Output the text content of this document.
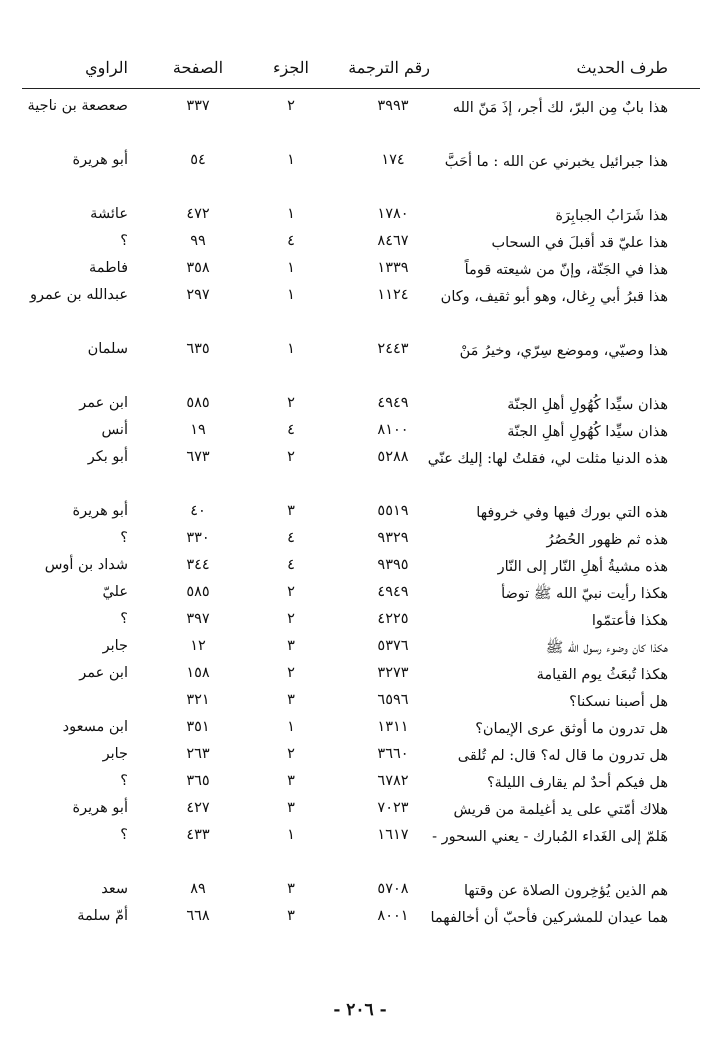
طرف الحديث
رقم الترجمة
الجزء
الصفحة
الراوي
هذا بابٌ مِن البرّ، لك أجر، إذَ مَنّ الله
٣٩٩٣
٢
٣٣٧
صعصعة بن ناجية
هذا جبرائيل يخبرني عن الله : ما أحَبَّ
١٧٤
١
٥٤
أبو هريرة
هذا شَرَابُ الجبابِرَة
١٧٨٠
١
٤٧٢
عائشة
هذا عليّ قد أقبلَ في السحاب
٨٤٦٧
٤
٩٩
؟
هذا في الجَنّة، وإنّ من شيعته قوماً
١٣٣٩
١
٣٥٨
فاطمة
هذا قبرُ أبي رِغال، وهو أبو ثقيف، وكان
١١٢٤
١
٢٩٧
عبدالله بن عمرو
هذا وصيّي، وموضع سِرّي، وخيرُ مَنْ
٢٤٤٣
١
٦٣٥
سلمان
هذان سيِّدا كُهُولِ أهلِ الجنّة
٤٩٤٩
٢
٥٨٥
ابن عمر
هذان سيِّدا كُهُولِ أهلِ الجنّة
٨١٠٠
٤
١٩
أنس
هذه الدنيا مثلت لي، فقلتُ لها: إليك عنّي
٥٢٨٨
٢
٦٧٣
أبو بكر
هذه التي بورك فيها وفي خروفها
٥٥١٩
٣
٤٠
أبو هريرة
هذه ثم ظهور الحُصُرُ
٩٣٢٩
٤
٣٣٠
؟
هذه مشيةُ أهلِ النّار إلى النّار
٩٣٩٥
٤
٣٤٤
شداد بن أوس
هكذا رأيت نبيّ الله ﷺ توضأ
٤٩٤٩
٢
٥٨٥
عليّ
هكذا فأعتمّوا
٤٢٢٥
٢
٣٩٧
؟
هكذا كان وضوء رسول الله ﷺ
٥٣٧٦
٣
١٢
جابر
هكذا تُبعَثُ يوم القيامة
٣٢٧٣
٢
١٥٨
ابن عمر
هل أصبنا نسكنا؟
٦٥٩٦
٣
٣٢١
هل تدرون ما أوثق عرى الإيمان؟
١٣١١
١
٣٥١
ابن مسعود
هل تدرون ما قال له؟ قال: لم تُلقى
٣٦٦٠
٢
٢٦٣
جابر
هل فيكم أحدٌ لم يقارف الليلة؟
٦٧٨٢
٣
٣٦٥
؟
هلاك أمّتي على يد أغيلمة من قريش
٧٠٢٣
٣
٤٢٧
أبو هريرة
هَلمّ إلى الغَداء المُبارك - يعني السحور -
١٦١٧
١
٤٣٣
؟
هم الذين يُؤخِرون الصلاة عن وقتها
٥٧٠٨
٣
٨٩
سعد
هما عيدان للمشركين فأحبّ أن أخالفهما
٨٠٠١
٣
٦٦٨
أمّ سلمة
- ٢٠٦ -
